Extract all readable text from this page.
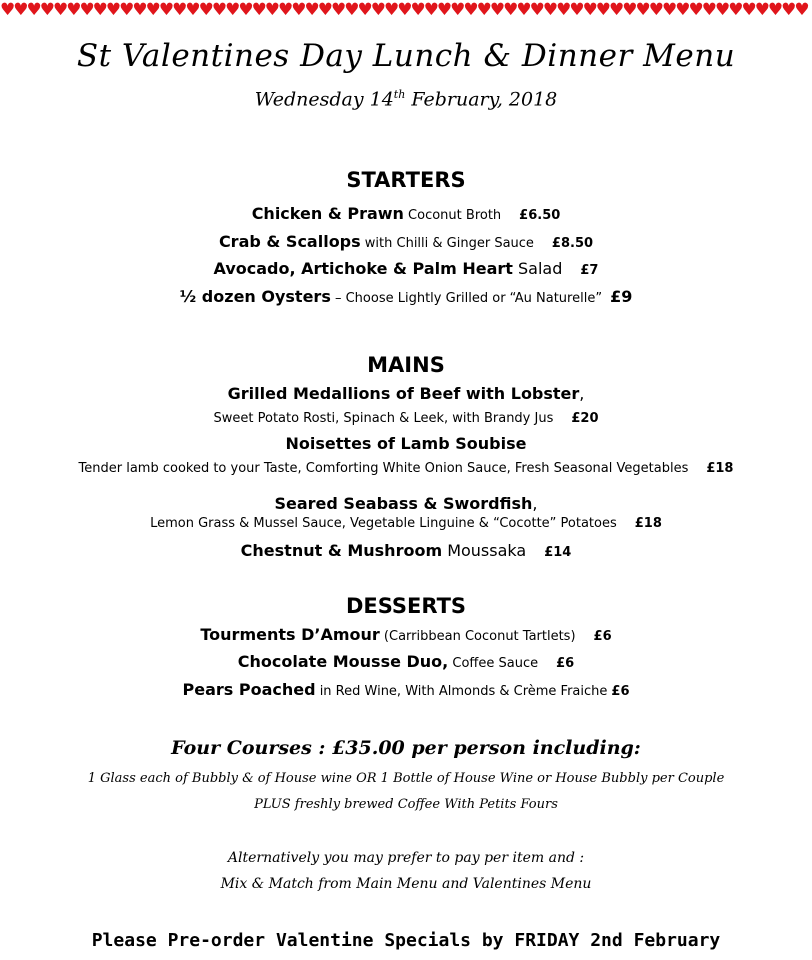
♥♥♥♥♥♥♥♥♥♥♥♥♥♥♥♥♥♥♥♥♥♥♥♥♥♥♥♥♥♥♥♥♥♥♥♥♥♥♥♥♥♥♥♥♥♥♥♥♥♥♥♥♥♥♥♥♥♥♥♥♥
St Valentines Day Lunch & Dinner Menu
Wednesday 14th February, 2018
STARTERS
Chicken & Prawn Coconut Broth £6.50
Crab & Scallops with Chilli & Ginger Sauce £8.50
Avocado, Artichoke & Palm Heart Salad £7
½ dozen Oysters – Choose Lightly Grilled or “Au Naturelle” £9
MAINS
Grilled Medallions of Beef with Lobster,
Sweet Potato Rosti, Spinach & Leek, with Brandy Jus £20
Noisettes of Lamb Soubise
Tender lamb cooked to your Taste, Comforting White Onion Sauce, Fresh Seasonal Vegetables £18
Seared Seabass & Swordfish,
Lemon Grass & Mussel Sauce, Vegetable Linguine & “Cocotte” Potatoes £18
Chestnut & Mushroom Moussaka £14
DESSERTS
Tourments D’Amour (Carribbean Coconut Tartlets) £6
Chocolate Mousse Duo, Coffee Sauce £6
Pears Poached in Red Wine, With Almonds & Crème Fraiche £6
Four Courses : £35.00 per person including:
1 Glass each of Bubbly & of House wine OR 1 Bottle of House Wine or House Bubbly per Couple
PLUS freshly brewed Coffee With Petits Fours
Alternatively you may prefer to pay per item and :
Mix & Match from Main Menu and Valentines Menu
Please Pre-order Valentine Specials by FRIDAY 2nd February
